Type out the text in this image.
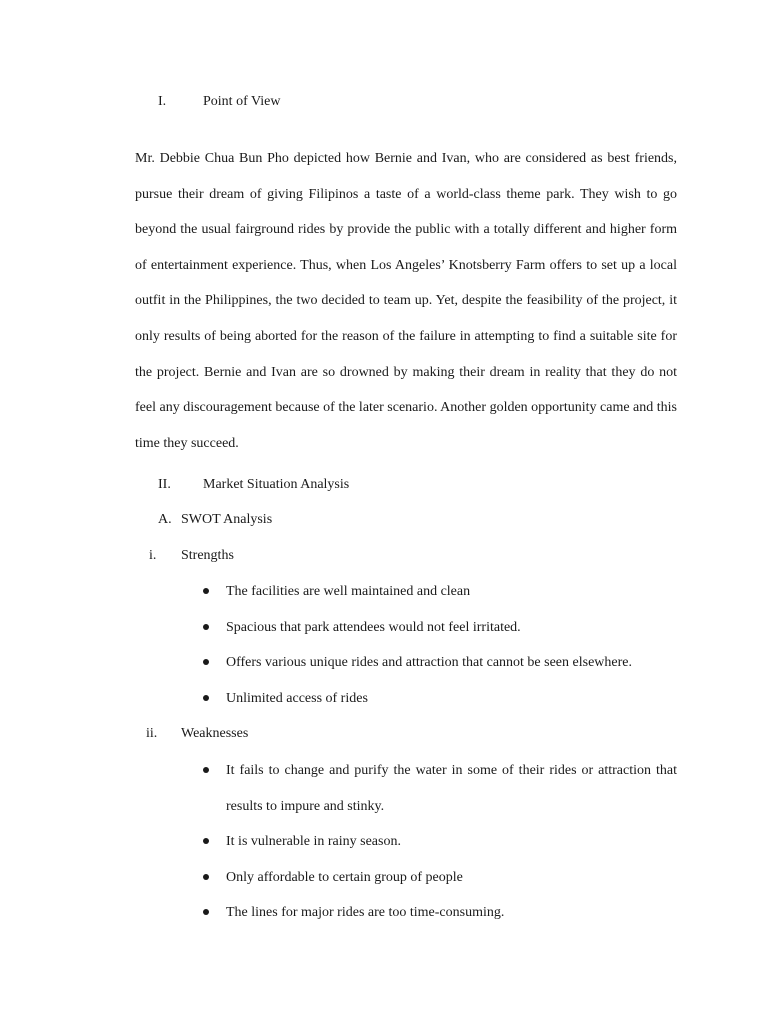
I.	Point of View

Mr. Debbie Chua Bun Pho depicted how Bernie and Ivan, who are considered as best friends, pursue their dream of giving Filipinos a taste of a world-class theme park. They wish to go beyond the usual fairground rides by provide the public with a totally different and higher form of entertainment experience. Thus, when Los Angeles’ Knotsberry Farm offers to set up a local outfit in the Philippines, the two decided to team up. Yet, despite the feasibility of the project, it only results of being aborted for the reason of the failure in attempting to find a suitable site for the project. Bernie and Ivan are so drowned by making their dream in reality that they do not feel any discouragement because of the later scenario. Another golden opportunity came and this time they succeed.

II. Market Situation Analysis
A. SWOT Analysis
i. Strengths
The facilities are well maintained and clean
Spacious that park attendees would not feel irritated.
Offers various unique rides and attraction that cannot be seen elsewhere.
Unlimited access of rides
ii. Weaknesses

It fails to change and purify the water in some of their rides or attraction that results to impure and stinky.

It is vulnerable in rainy season.
Only affordable to certain group of people
The lines for major rides are too time-consuming.
